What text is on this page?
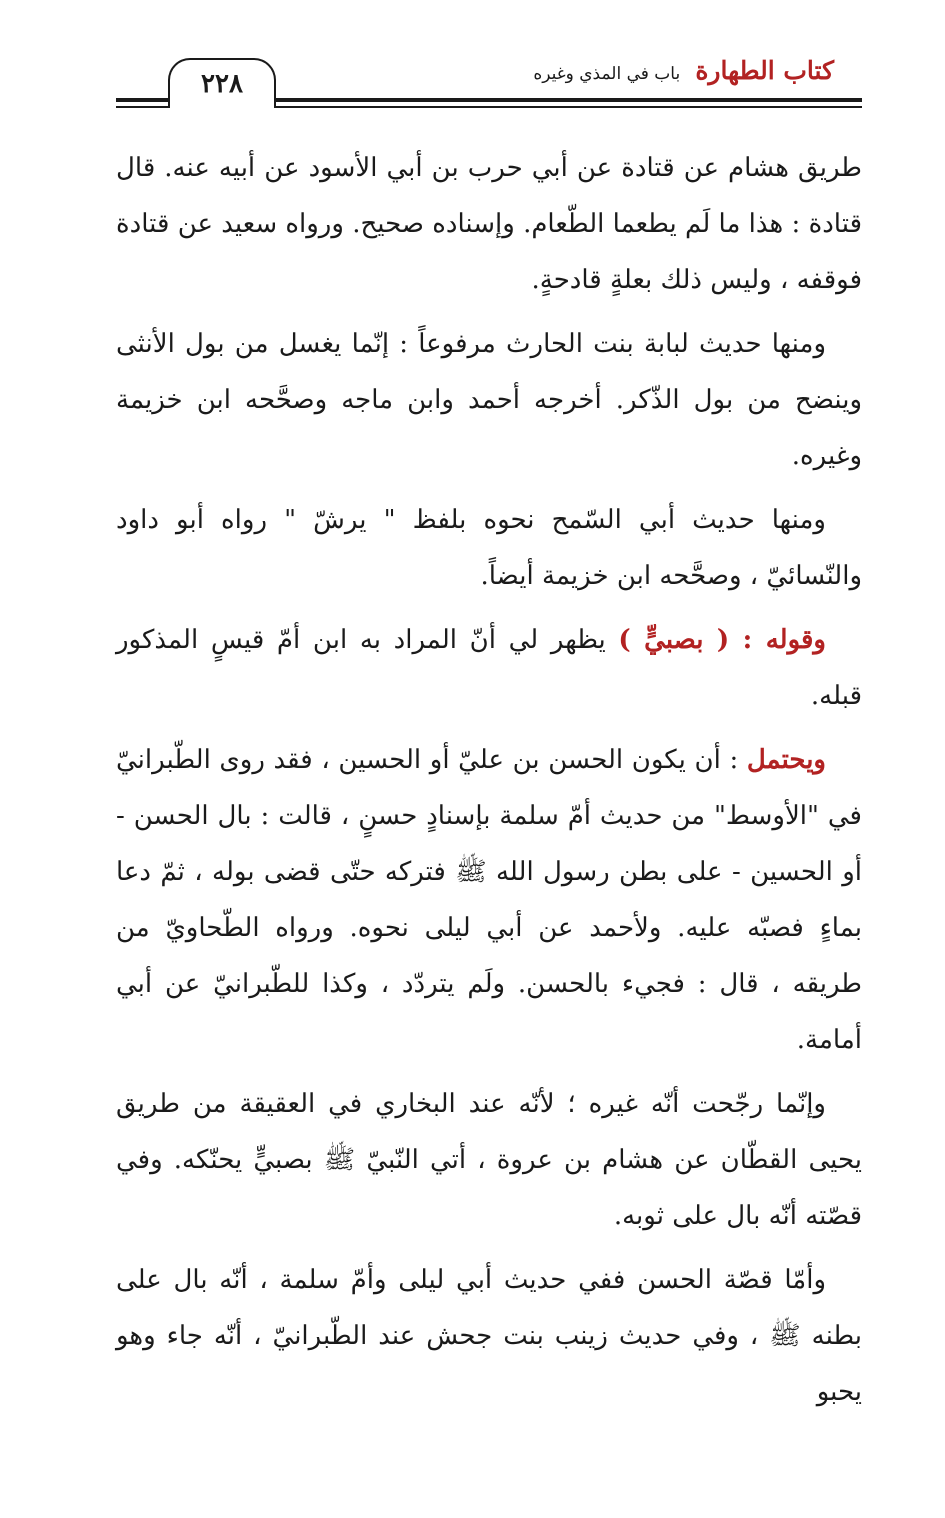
٢٢٨	كتاب الطهارة باب في المذي وغيره

طريق هشام عن قتادة عن أبي حرب بن أبي الأسود عن أبيه عنه. قال قتادة : هذا ما لَم يطعما الطّعام. وإسناده صحيح. ورواه سعيد عن قتادة فوقفه ، وليس ذلك بعلةٍ قادحةٍ.

ومنها حديث لبابة بنت الحارث مرفوعاً : إنّما يغسل من بول الأنثى وينضح من بول الذّكر. أخرجه أحمد وابن ماجه وصحَّحه ابن خزيمة وغيره.

ومنها حديث أبي السّمح نحوه بلفظ " يرشّ " رواه أبو داود والنّسائيّ ، وصحَّحه ابن خزيمة أيضاً.

وقوله : ( بصبيٍّ ) يظهر لي أنّ المراد به ابن أمّ قيسٍ المذكور قبله.

ويحتمل : أن يكون الحسن بن عليّ أو الحسين ، فقد روى الطّبرانيّ في "الأوسط" من حديث أمّ سلمة بإسنادٍ حسنٍ ، قالت : بال الحسن - أو الحسين - على بطن رسول الله ﷺ فتركه حتّى قضى بوله ، ثمّ دعا بماءٍ فصبّه عليه. ولأحمد عن أبي ليلى نحوه. ورواه الطّحاويّ من طريقه ، قال : فجيء بالحسن. ولَم يتردّد ، وكذا للطّبرانيّ عن أبي أمامة.

وإنّما رجّحت أنّه غيره ؛ لأنّه عند البخاري في العقيقة من طريق يحيى القطّان عن هشام بن عروة ، أتي النّبيّ ﷺ بصبيٍّ يحنّكه. وفي قصّته أنّه بال على ثوبه.

وأمّا قصّة الحسن ففي حديث أبي ليلى وأمّ سلمة ، أنّه بال على بطنه ﷺ ، وفي حديث زينب بنت جحش عند الطّبرانيّ ، أنّه جاء وهو يحبو
